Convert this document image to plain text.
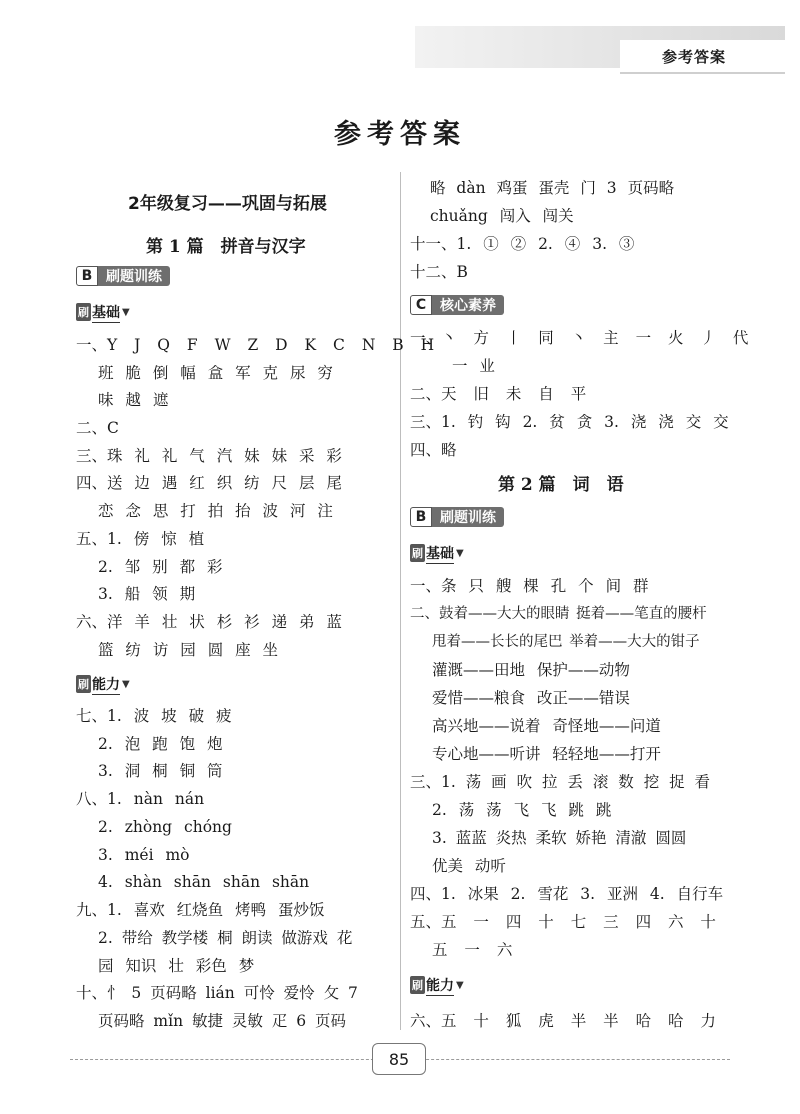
参考答案
参考答案
2年级复习——巩固与拓展
第 1 篇　拼音与汉字
B 刷题训练
刷 基础 ▼
一、Y J Q F W Z D K C N B H
班 脆 倒 幅 盒 军 克 尿 穷
味 越 遮
二、C
三、珠 礼 礼 气 汽 妹 妹 采 彩
四、送 边 遇 红 织 纺 尺 层 尾
恋 念 思 打 拍 抬 波 河 注
五、1. 傍 惊 植
2. 邹 别 都 彩
3. 船 领 期
六、洋 羊 壮 状 杉 衫 递 弟 蓝
篮 纺 访 园 圆 座 坐
刷 能力 ▼
七、1. 波 坡 破 疲
2. 泡 跑 饱 炮
3. 洞 桐 铜 筒
八、1. nàn nán
2. zhòng chóng
3. méi mò
4. shàn shān shān shān
九、1. 喜欢 红烧鱼 烤鸭 蛋炒饭
2. 带给 教学楼 桐 朗读 做游戏 花
园 知识 壮 彩色 梦
十、忄 5 页码略 lián 可怜 爱怜 攵 7
页码略 mǐn 敏捷 灵敏 疋 6 页码
略 dàn 鸡蛋 蛋壳 门 3 页码略
chuǎng 闯入 闯关
十一、1. ① ② 2. ④ 3. ③
十二、B
C 核心素养
一、丶 方 丨 同 丶 主 一 火 丿 代
一 业
二、天 旧 未 自 平
三、1. 钓 钩 2. 贫 贪 3. 浇 浇 交 交
四、略
第 2 篇　词　语
B 刷题训练
刷 基础 ▼
一、条 只 艘 棵 孔 个 间 群
二、鼓着——大大的眼睛 挺着——笔直的腰杆
甩着——长长的尾巴 举着——大大的钳子
灌溉——田地 保护——动物
爱惜——粮食 改正——错误
高兴地——说着 奇怪地——问道
专心地——听讲 轻轻地——打开
三、1. 荡 画 吹 拉 丢 滚 数 挖 捉 看
2. 荡 荡 飞 飞 跳 跳
3. 蓝蓝 炎热 柔软 娇艳 清澈 圆圆
优美 动听
四、1. 冰果 2. 雪花 3. 亚洲 4. 自行车
五、五 一 四 十 七 三 四 六 十
五 一 六
刷 能力 ▼
六、五 十 狐 虎 半 半 哈 哈 力
85
